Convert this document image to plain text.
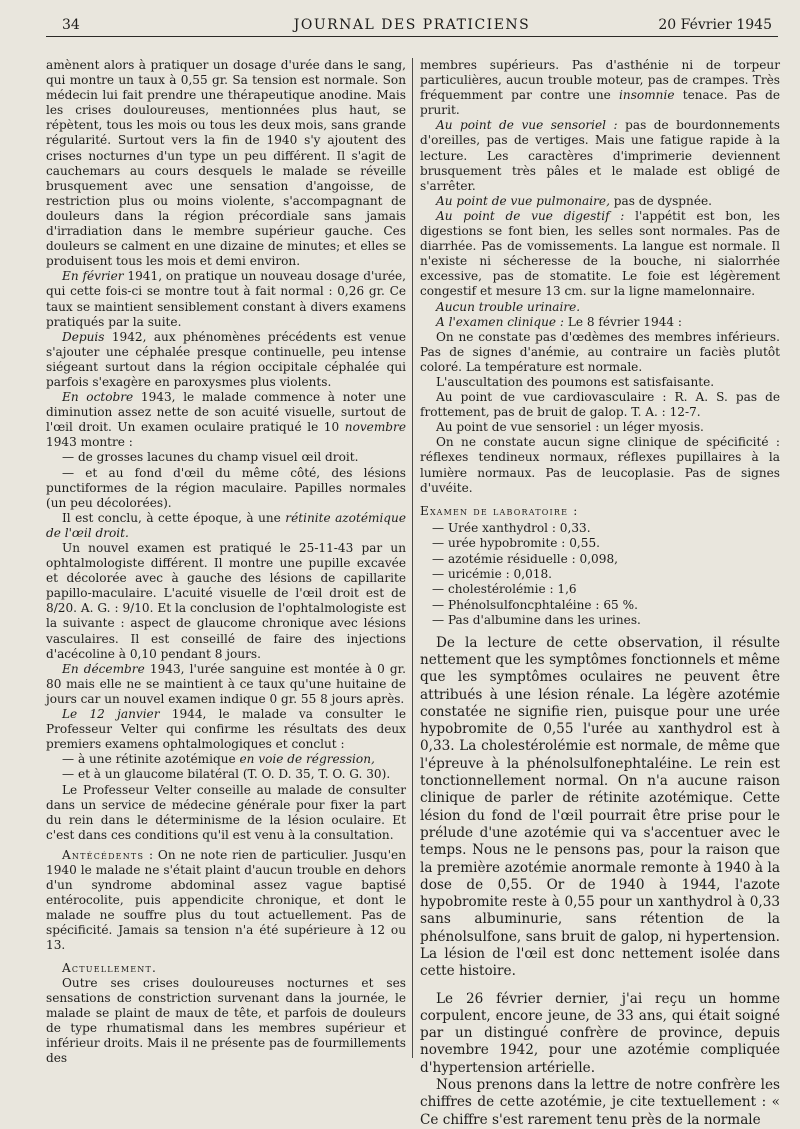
34	JOURNAL DES PRATICIENS	20 Février 1945

amènent alors à pratiquer un dosage d'urée dans le sang, qui montre un taux à 0,55 gr. Sa tension est normale. Son médecin lui fait prendre une thérapeutique anodine. Mais les crises douloureuses, mentionnées plus haut, se répètent, tous les mois ou tous les deux mois, sans grande régularité. Surtout vers la fin de 1940 s'y ajoutent des crises nocturnes d'un type un peu différent. Il s'agit de cauchemars au cours desquels le malade se réveille brusquement avec une sensation d'angoisse, de restriction plus ou moins violente, s'accompagnant de douleurs dans la région précordiale sans jamais d'irradiation dans le membre supérieur gauche. Ces douleurs se calment en une dizaine de minutes; et elles se produisent tous les mois et demi environ.

En février 1941, on pratique un nouveau dosage d'urée, qui cette fois-ci se montre tout à fait normal : 0,26 gr. Ce taux se maintient sensiblement constant à divers examens pratiqués par la suite.

Depuis 1942, aux phénomènes précédents est venue s'ajouter une céphalée presque continuelle, peu intense siégeant surtout dans la région occipitale céphalée qui parfois s'exagère en paroxysmes plus violents.

En octobre 1943, le malade commence à noter une diminution assez nette de son acuité visuelle, surtout de l'œil droit. Un examen oculaire pratiqué le 10 novembre 1943 montre :

— de grosses lacunes du champ visuel œil droit.

— et au fond d'œil du même côté, des lésions punctiformes de la région maculaire. Papilles normales (un peu décolorées).

Il est conclu, à cette époque, à une rétinite azotémique de l'œil droit.

Un nouvel examen est pratiqué le 25-11-43 par un ophtalmologiste différent. Il montre une pupille excavée et décolorée avec à gauche des lésions de capillarite papillo-maculaire. L'acuité visuelle de l'œil droit est de 8/20. A. G. : 9/10. Et la conclusion de l'ophtalmologiste est la suivante : aspect de glaucome chronique avec lésions vasculaires. Il est conseillé de faire des injections d'acécoline à 0,10 pendant 8 jours.

En décembre 1943, l'urée sanguine est montée à 0 gr. 80 mais elle ne se maintient à ce taux qu'une huitaine de jours car un nouvel examen indique 0 gr. 55 8 jours après.

Le 12 janvier 1944, le malade va consulter le Professeur Velter qui confirme les résultats des deux premiers examens ophtalmologiques et conclut :

— à une rétinite azotémique en voie de régression,

— et à un glaucome bilatéral (T. O. D. 35, T. O. G. 30).

Le Professeur Velter conseille au malade de consulter dans un service de médecine générale pour fixer la part du rein dans le déterminisme de la lésion oculaire. Et c'est dans ces conditions qu'il est venu à la consultation.

Antécédents : On ne note rien de particulier. Jusqu'en 1940 le malade ne s'était plaint d'aucun trouble en dehors d'un syndrome abdominal assez vague baptisé entérocolite, puis appendicite chronique, et dont le malade ne souffre plus du tout actuellement. Pas de spécificité. Jamais sa tension n'a été supérieure à 12 ou 13.

Actuellement.

Outre ses crises douloureuses nocturnes et ses sensations de constriction survenant dans la journée, le malade se plaint de maux de tête, et parfois de douleurs de type rhumatismal dans les membres supérieur et inférieur droits. Mais il ne présente pas de fourmillements des

membres supérieurs. Pas d'asthénie ni de torpeur particulières, aucun trouble moteur, pas de crampes. Très fréquemment par contre une insomnie tenace. Pas de prurit.

Au point de vue sensoriel : pas de bourdonnements d'oreilles, pas de vertiges. Mais une fatigue rapide à la lecture. Les caractères d'imprimerie deviennent brusquement très pâles et le malade est obligé de s'arrêter.

Au point de vue pulmonaire, pas de dyspnée.

Au point de vue digestif : l'appétit est bon, les digestions se font bien, les selles sont normales. Pas de diarrhée. Pas de vomissements. La langue est normale. Il n'existe ni sécheresse de la bouche, ni sialorrhée excessive, pas de stomatite. Le foie est légèrement congestif et mesure 13 cm. sur la ligne mamelonnaire.

Aucun trouble urinaire.

A l'examen clinique : Le 8 février 1944 :

On ne constate pas d'œdèmes des membres inférieurs. Pas de signes d'anémie, au contraire un faciès plutôt coloré. La température est normale.

L'auscultation des poumons est satisfaisante.

Au point de vue cardiovasculaire : R. A. S. pas de frottement, pas de bruit de galop. T. A. : 12-7.

Au point de vue sensoriel : un léger myosis.

On ne constate aucun signe clinique de spécificité : réflexes tendineux normaux, réflexes pupillaires à la lumière normaux. Pas de leucoplasie. Pas de signes d'uvéite.

Examen de laboratoire :

— Urée xanthydrol : 0,33.
— urée hypobromite : 0,55.
— azotémie résiduelle : 0,098,
— uricémie : 0,018.
— cholestérolémie : 1,6
— Phénolsulfoncphtaléine : 65 %.
— Pas d'albumine dans les urines.

De la lecture de cette observation, il résulte nettement que les symptômes fonctionnels et même que les symptômes oculaires ne peuvent être attribués à une lésion rénale. La légère azotémie constatée ne signifie rien, puisque pour une urée hypobromite de 0,55 l'urée au xanthydrol est à 0,33. La cholestérolémie est normale, de même que l'épreuve à la phénolsulfonephtaléine. Le rein est tonctionnellement normal. On n'a aucune raison clinique de parler de rétinite azotémique. Cette lésion du fond de l'œil pourrait être prise pour le prélude d'une azotémie qui va s'accentuer avec le temps. Nous ne le pensons pas, pour la raison que la première azotémie anormale remonte à 1940 à la dose de 0,55. Or de 1940 à 1944, l'azote hypobromite reste à 0,55 pour un xanthydrol à 0,33 sans albuminurie, sans rétention de la phénolsulfone, sans bruit de galop, ni hypertension. La lésion de l'œil est donc nettement isolée dans cette histoire.

Le 26 février dernier, j'ai reçu un homme corpulent, encore jeune, de 33 ans, qui était soigné par un distingué confrère de province, depuis novembre 1942, pour une azotémie compliquée d'hypertension artérielle.

Nous prenons dans la lettre de notre confrère les chiffres de cette azotémie, je cite textuellement : « Ce chiffre s'est rarement tenu près de la normale
